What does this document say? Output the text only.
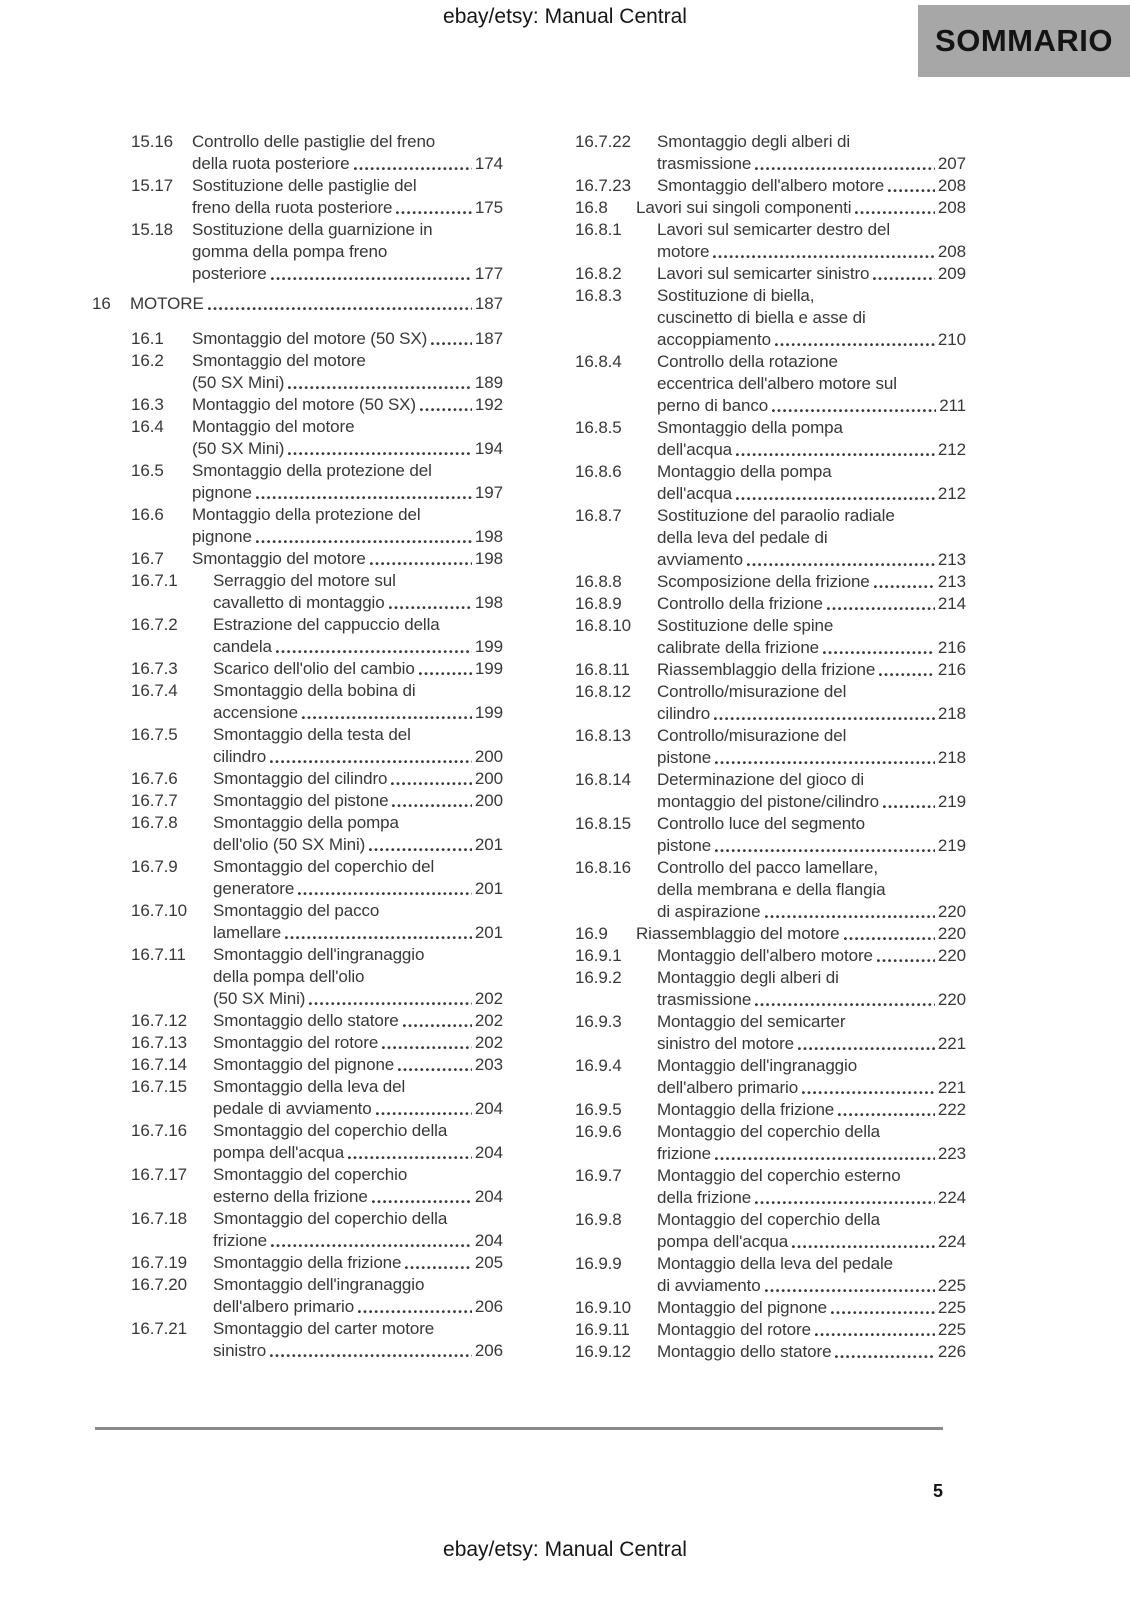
ebay/etsy: Manual Central
SOMMARIO
15.16	Controllo delle pastiglie del freno
della ruota posteriore	174
15.17	Sostituzione delle pastiglie del
freno della ruota posteriore	175
15.18	Sostituzione della guarnizione in
gomma della pompa freno
posteriore	177
16	MOTORE	187
16.1	Smontaggio del motore (50 SX)	187
16.2	Smontaggio del motore
(50 SX Mini)	189
16.3	Montaggio del motore (50 SX)	192
16.4	Montaggio del motore
(50 SX Mini)	194
16.5	Smontaggio della protezione del
pignone	197
16.6	Montaggio della protezione del
pignone	198
16.7	Smontaggio del motore	198
16.7.1	Serraggio del motore sul
cavalletto di montaggio	198
16.7.2	Estrazione del cappuccio della
candela	199
16.7.3	Scarico dell'olio del cambio	199
16.7.4	Smontaggio della bobina di
accensione	199
16.7.5	Smontaggio della testa del
cilindro	200
16.7.6	Smontaggio del cilindro	200
16.7.7	Smontaggio del pistone	200
16.7.8	Smontaggio della pompa
dell'olio (50 SX Mini)	201
16.7.9	Smontaggio del coperchio del
generatore	201
16.7.10	Smontaggio del pacco
lamellare	201
16.7.11	Smontaggio dell'ingranaggio
della pompa dell'olio
(50 SX Mini)	202
16.7.12	Smontaggio dello statore	202
16.7.13	Smontaggio del rotore	202
16.7.14	Smontaggio del pignone	203
16.7.15	Smontaggio della leva del
pedale di avviamento	204
16.7.16	Smontaggio del coperchio della
pompa dell'acqua	204
16.7.17	Smontaggio del coperchio
esterno della frizione	204
16.7.18	Smontaggio del coperchio della
frizione	204
16.7.19	Smontaggio della frizione	205
16.7.20	Smontaggio dell'ingranaggio
dell'albero primario	206
16.7.21	Smontaggio del carter motore
sinistro	206
16.7.22	Smontaggio degli alberi di
trasmissione	207
16.7.23	Smontaggio dell'albero motore	208
16.8	Lavori sui singoli componenti	208
16.8.1	Lavori sul semicarter destro del
motore	208
16.8.2	Lavori sul semicarter sinistro	209
16.8.3	Sostituzione di biella,
cuscinetto di biella e asse di
accoppiamento	210
16.8.4	Controllo della rotazione
eccentrica dell'albero motore sul
perno di banco	211
16.8.5	Smontaggio della pompa
dell'acqua	212
16.8.6	Montaggio della pompa
dell'acqua	212
16.8.7	Sostituzione del paraolio radiale
della leva del pedale di
avviamento	213
16.8.8	Scomposizione della frizione	213
16.8.9	Controllo della frizione	214
16.8.10	Sostituzione delle spine
calibrate della frizione	216
16.8.11	Riassemblaggio della frizione	216
16.8.12	Controllo/misurazione del
cilindro	218
16.8.13	Controllo/misurazione del
pistone	218
16.8.14	Determinazione del gioco di
montaggio del pistone/cilindro	219
16.8.15	Controllo luce del segmento
pistone	219
16.8.16	Controllo del pacco lamellare,
della membrana e della flangia
di aspirazione	220
16.9	Riassemblaggio del motore	220
16.9.1	Montaggio dell'albero motore	220
16.9.2	Montaggio degli alberi di
trasmissione	220
16.9.3	Montaggio del semicarter
sinistro del motore	221
16.9.4	Montaggio dell'ingranaggio
dell'albero primario	221
16.9.5	Montaggio della frizione	222
16.9.6	Montaggio del coperchio della
frizione	223
16.9.7	Montaggio del coperchio esterno
della frizione	224
16.9.8	Montaggio del coperchio della
pompa dell'acqua	224
16.9.9	Montaggio della leva del pedale
di avviamento	225
16.9.10	Montaggio del pignone	225
16.9.11	Montaggio del rotore	225
16.9.12	Montaggio dello statore	226
5
ebay/etsy: Manual Central
